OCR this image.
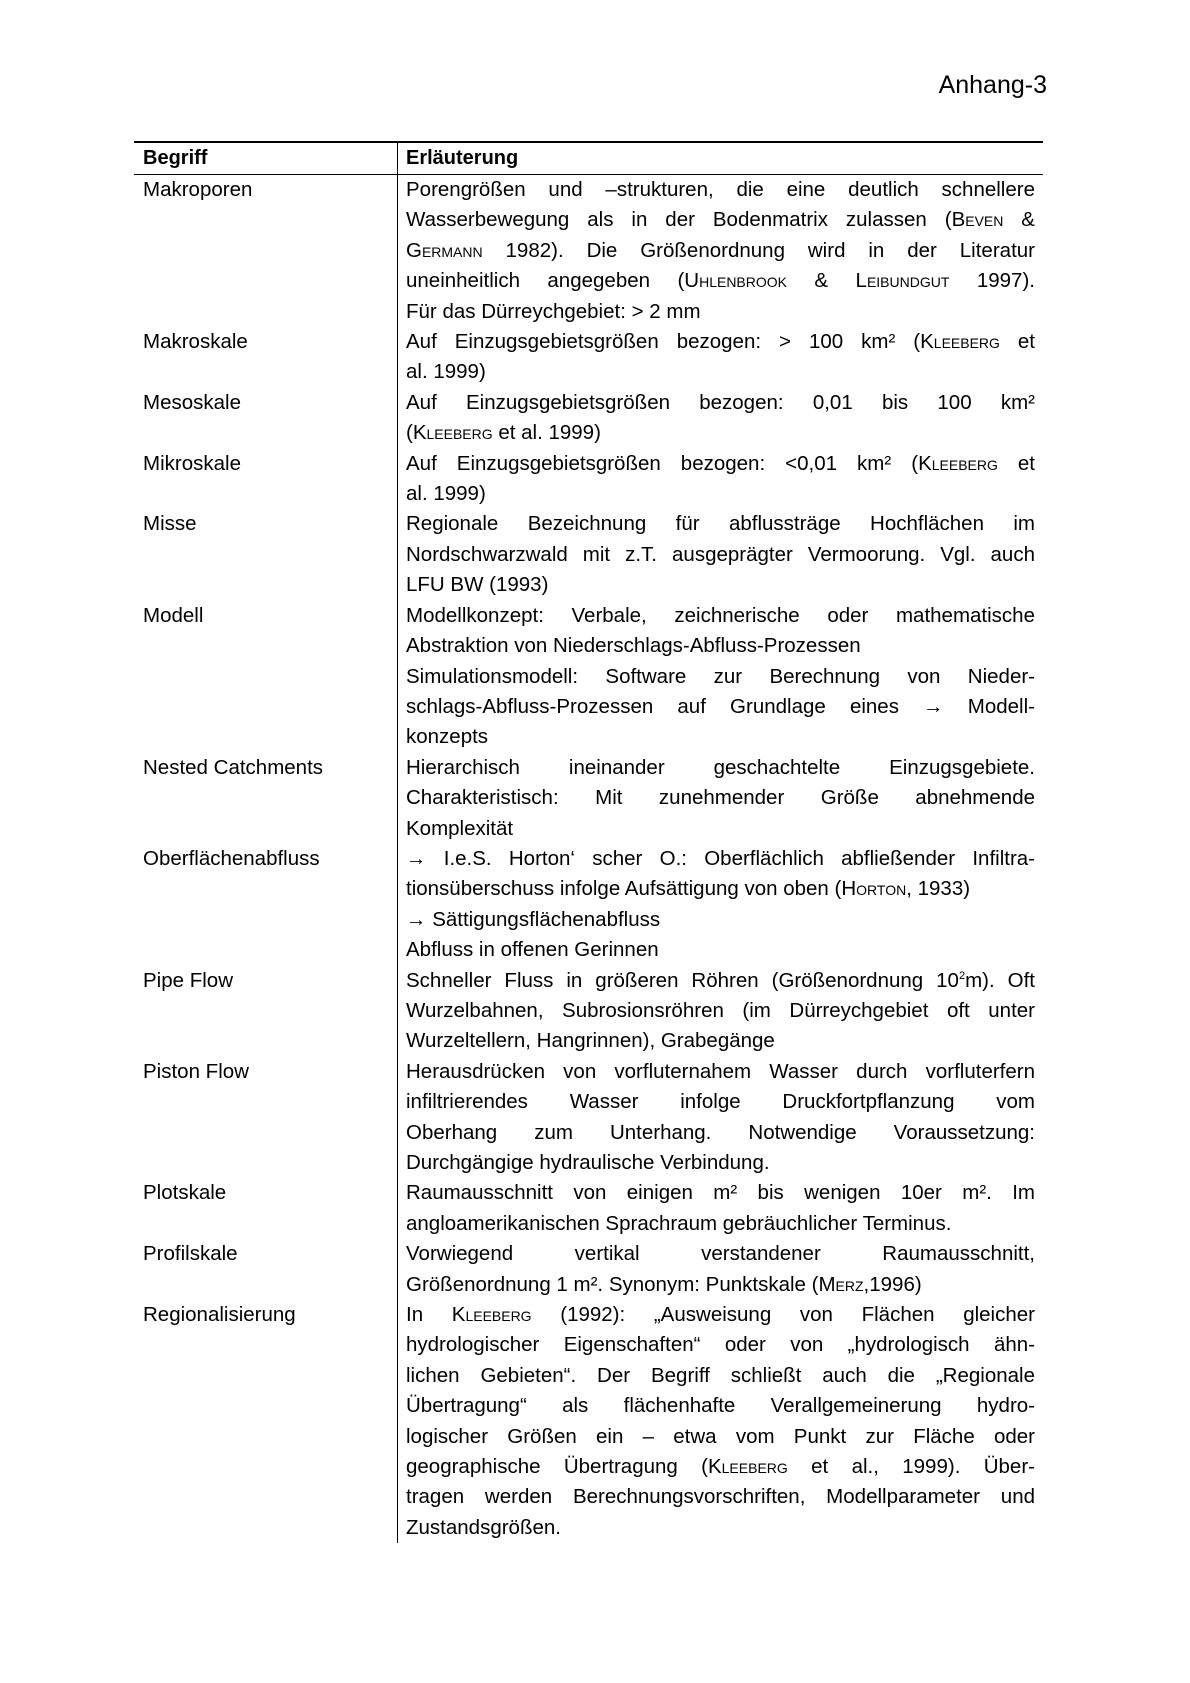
Anhang-3
Begriff	Erläuterung
Makroporen	Porengrößen und –strukturen, die eine deutlich schnellere
Wasserbewegung als in der Bodenmatrix zulassen (Beven &
Germann 1982). Die Größenordnung wird in der Literatur
uneinheitlich angegeben (Uhlenbrook & Leibundgut 1997).
Für das Dürreychgebiet: > 2 mm
Makroskale	Auf Einzugsgebietsgrößen bezogen: > 100 km² (Kleeberg et
al. 1999)
Mesoskale	Auf Einzugsgebietsgrößen bezogen: 0,01 bis 100 km²
(Kleeberg et al. 1999)
Mikroskale	Auf Einzugsgebietsgrößen bezogen: <0,01 km² (Kleeberg et
al. 1999)
Misse	Regionale Bezeichnung für abflussträge Hochflächen im
Nordschwarzwald mit z.T. ausgeprägter Vermoorung. Vgl. auch
LFU BW (1993)
Modell	Modellkonzept: Verbale, zeichnerische oder mathematische
Abstraktion von Niederschlags-Abfluss-Prozessen
Simulationsmodell: Software zur Berechnung von Nieder-
schlags-Abfluss-Prozessen auf Grundlage eines → Modell-
konzepts
Nested Catchments	Hierarchisch ineinander geschachtelte Einzugsgebiete.
Charakteristisch: Mit zunehmender Größe abnehmende
Komplexität
Oberflächenabfluss	→ I.e.S. Horton‘ scher O.: Oberflächlich abfließender Infiltra-
tionsüberschuss infolge Aufsättigung von oben (Horton, 1933)
→ Sättigungsflächenabfluss
Abfluss in offenen Gerinnen
Pipe Flow	Schneller Fluss in größeren Röhren (Größenordnung $10^2m$). Oft
Wurzelbahnen, Subrosionsröhren (im Dürreychgebiet oft unter
Wurzeltellern, Hangrinnen), Grabegänge
Piston Flow	Herausdrücken von vorfluternahem Wasser durch vorfluterfern
infiltrierendes Wasser infolge Druckfortpflanzung vom
Oberhang zum Unterhang. Notwendige Voraussetzung:
Durchgängige hydraulische Verbindung.
Plotskale	Raumausschnitt von einigen m² bis wenigen 10er m². Im
angloamerikanischen Sprachraum gebräuchlicher Terminus.
Profilskale	Vorwiegend vertikal verstandener Raumausschnitt,
Größenordnung 1 m². Synonym: Punktskale (Merz,1996)
Regionalisierung	In Kleeberg (1992): „Ausweisung von Flächen gleicher
hydrologischer Eigenschaften“ oder von „hydrologisch ähn-
lichen Gebieten“. Der Begriff schließt auch die „Regionale
Übertragung“ als flächenhafte Verallgemeinerung hydro-
logischer Größen ein – etwa vom Punkt zur Fläche oder
geographische Übertragung (Kleeberg et al., 1999). Über-
tragen werden Berechnungsvorschriften, Modellparameter und
Zustandsgrößen.
